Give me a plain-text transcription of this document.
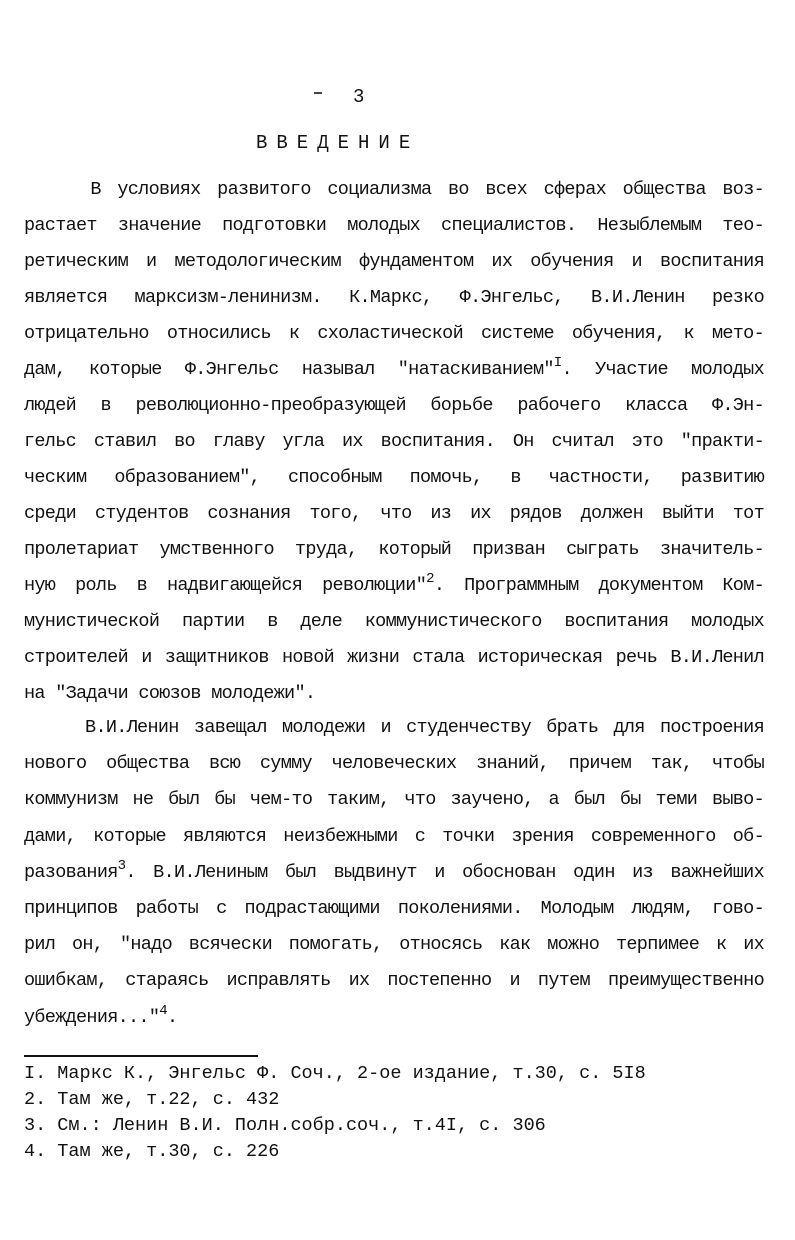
3
ВВЕДЕНИЕ
В условиях развитого социализма во всех сферах общества воз-
растает значение подготовки молодых специалистов. Незыблемым тео-
ретическим и методологическим фундаментом их обучения и воспитания
является марксизм-ленинизм. К.Маркс, Ф.Энгельс, В.И.Ленин резко
отрицательно относились к схоластической системе обучения, к мето-
дам, которые Ф.Энгельс называл "натаскиванием"$^I$. Участие молодых
людей в революционно-преобразующей борьбе рабочего класса Ф.Эн-
гельс ставил во главу угла их воспитания. Он считал это "практи-
ческим образованием", способным помочь, в частности, развитию
среди студентов сознания того, что из их рядов должен выйти тот
пролетариат умственного труда, который призван сыграть значитель-
ную роль в надвигающейся революции"$^2$. Программным документом Ком-
мунистической партии в деле коммунистического воспитания молодых
строителей и защитников новой жизни стала историческая речь В.И.Ленил
на "Задачи союзов молодежи".
В.И.Ленин завещал молодежи и студенчеству брать для построения
нового общества всю сумму человеческих знаний, причем так, чтобы
коммунизм не был бы чем-то таким, что заучено, а был бы теми выво-
дами, которые являются неизбежными с точки зрения современного об-
разования$^3$. В.И.Лениным был выдвинут и обоснован один из важнейших
принципов работы с подрастающими поколениями. Молодым людям, гово-
рил он, "надо всячески помогать, относясь как можно терпимее к их
ошибкам, стараясь исправлять их постепенно и путем преимущественно
убеждения..."$^4$.
I. Маркс К., Энгельс Ф. Соч., 2-ое издание, т.30, с. 5I8
2. Там же, т.22, с. 432
3. См.: Ленин В.И. Полн.собр.соч., т.4I, с. 306
4. Там же, т.30, с. 226
